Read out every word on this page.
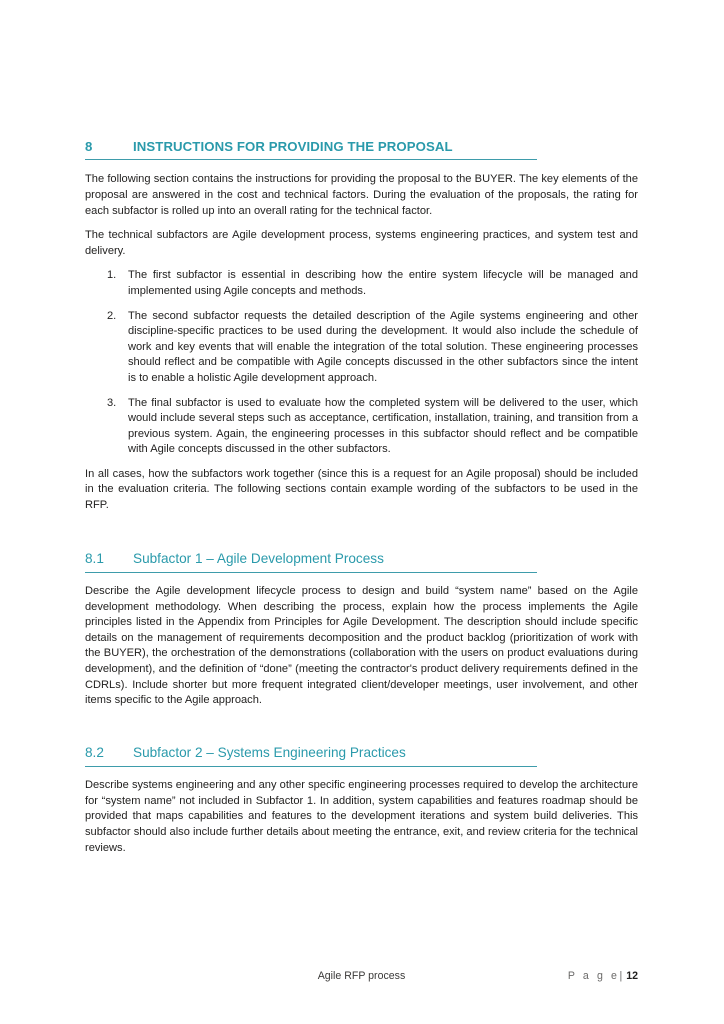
8	INSTRUCTIONS FOR PROVIDING THE PROPOSAL

The following section contains the instructions for providing the proposal to the BUYER. The key elements of the proposal are answered in the cost and technical factors. During the evaluation of the proposals, the rating for each subfactor is rolled up into an overall rating for the technical factor.

The technical subfactors are Agile development process, systems engineering practices, and system test and delivery.

1.	The first subfactor is essential in describing how the entire system lifecycle will be managed and implemented using Agile concepts and methods.
2.	The second subfactor requests the detailed description of the Agile systems engineering and other discipline-specific practices to be used during the development. It would also include the schedule of work and key events that will enable the integration of the total solution. These engineering processes should reflect and be compatible with Agile concepts discussed in the other subfactors since the intent is to enable a holistic Agile development approach.
3.	The final subfactor is used to evaluate how the completed system will be delivered to the user, which would include several steps such as acceptance, certification, installation, training, and transition from a previous system. Again, the engineering processes in this subfactor should reflect and be compatible with Agile concepts discussed in the other subfactors.

In all cases, how the subfactors work together (since this is a request for an Agile proposal) should be included in the evaluation criteria. The following sections contain example wording of the subfactors to be used in the RFP.

8.1	Subfactor 1 – Agile Development Process

Describe the Agile development lifecycle process to design and build “system name” based on the Agile development methodology. When describing the process, explain how the process implements the Agile principles listed in the Appendix from Principles for Agile Development. The description should include specific details on the management of requirements decomposition and the product backlog (prioritization of work with the BUYER), the orchestration of the demonstrations (collaboration with the users on product evaluations during development), and the definition of “done” (meeting the contractor's product delivery requirements defined in the CDRLs). Include shorter but more frequent integrated client/developer meetings, user involvement, and other items specific to the Agile approach.

8.2	Subfactor 2 – Systems Engineering Practices

Describe systems engineering and any other specific engineering processes required to develop the architecture for “system name” not included in Subfactor 1. In addition, system capabilities and features roadmap should be provided that maps capabilities and features to the development iterations and system build deliveries. This subfactor should also include further details about meeting the entrance, exit, and review criteria for the technical reviews.

Agile RFP process	P a g e| 12
